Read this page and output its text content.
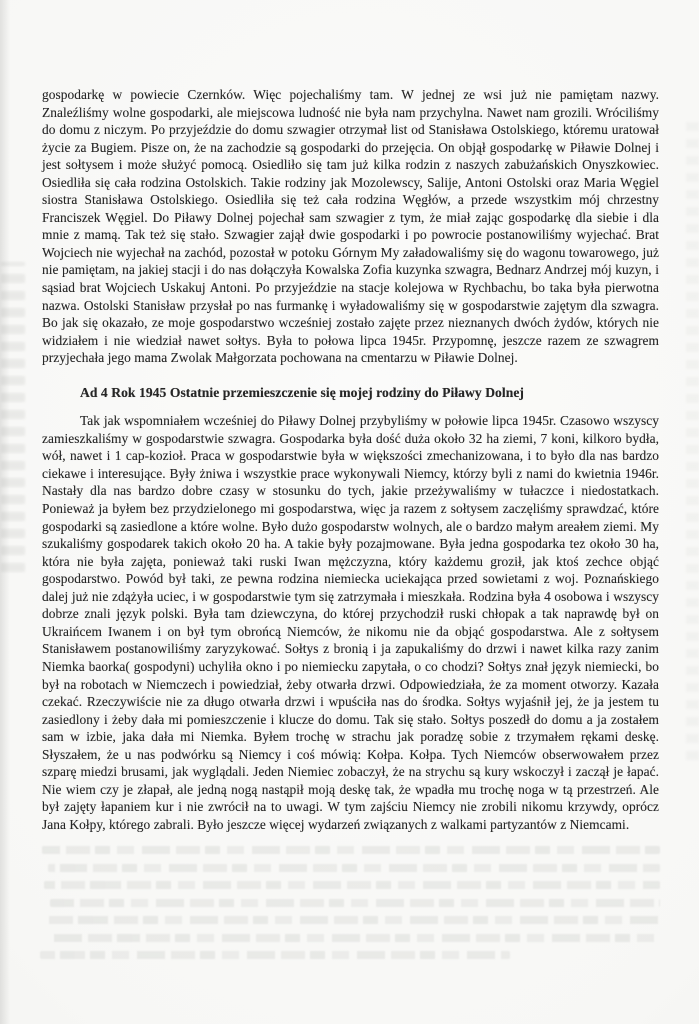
gospodarkę w powiecie Czernków. Więc pojechaliśmy tam. W jednej ze wsi już nie pamiętam nazwy. Znaleźliśmy wolne gospodarki, ale miejscowa ludność nie była nam przychylna. Nawet nam grozili. Wróciliśmy do domu z niczym. Po przyjeździe do domu szwagier otrzymał list od Stanisława Ostolskiego, któremu uratował życie za Bugiem. Pisze on, że na zachodzie są gospodarki do przejęcia. On objął gospodarkę w Piławie Dolnej i jest sołtysem i może służyć pomocą. Osiedliło się tam już kilka rodzin z naszych zabużańskich Onyszkowiec. Osiedliła się cała rodzina Ostolskich. Takie rodziny jak Mozolewscy, Salije, Antoni Ostolski oraz Maria Węgiel siostra Stanisława Ostolskiego. Osiedliła się też cała rodzina Węgłów, a przede wszystkim mój chrzestny Franciszek Węgiel. Do Piławy Dolnej pojechał sam szwagier z tym, że miał zając gospodarkę dla siebie i dla mnie z mamą. Tak też się stało. Szwagier zajął dwie gospodarki i po powrocie postanowiliśmy wyjechać. Brat Wojciech nie wyjechał na zachód, pozostał w potoku Górnym My załadowaliśmy się do wagonu towarowego, już nie pamiętam, na jakiej stacji i do nas dołączyła Kowalska Zofia kuzynka szwagra, Bednarz Andrzej mój kuzyn, i sąsiad brat Wojciech Uskakuj Antoni. Po przyjeździe na stacje kolejowa w Rychbachu, bo taka była pierwotna nazwa. Ostolski Stanisław przysłał po nas furmankę i wyładowaliśmy się w gospodarstwie zajętym dla szwagra. Bo jak się okazało, ze moje gospodarstwo wcześniej zostało zajęte przez nieznanych dwóch żydów, których nie widziałem i nie wiedział nawet sołtys. Była to połowa lipca 1945r. Przypomnę, jeszcze razem ze szwagrem przyjechała jego mama Zwolak Małgorzata pochowana na cmentarzu w Piławie Dolnej.

Ad 4 Rok 1945 Ostatnie przemieszczenie się mojej rodziny do Piławy Dolnej

Tak jak wspomniałem wcześniej do Piławy Dolnej przybyliśmy w połowie lipca 1945r. Czasowo wszyscy zamieszkaliśmy w gospodarstwie szwagra. Gospodarka była dość duża około 32 ha ziemi, 7 koni, kilkoro bydła, wół, nawet i 1 cap-kozioł. Praca w gospodarstwie była w większości zmechanizowana, i to było dla nas bardzo ciekawe i interesujące. Były żniwa i wszystkie prace wykonywali Niemcy, którzy byli z nami do kwietnia 1946r. Nastały dla nas bardzo dobre czasy w stosunku do tych, jakie przeżywaliśmy w tułaczce i niedostatkach. Ponieważ ja byłem bez przydzielonego mi gospodarstwa, więc ja razem z sołtysem zaczęliśmy sprawdzać, które gospodarki są zasiedlone a które wolne. Było dużo gospodarstw wolnych, ale o bardzo małym areałem ziemi. My szukaliśmy gospodarek takich około 20 ha. A takie były pozajmowane. Była jedna gospodarka tez około 30 ha, która nie była zajęta, ponieważ taki ruski Iwan mężczyzna, który każdemu groził, jak ktoś zechce objąć gospodarstwo. Powód był taki, ze pewna rodzina niemiecka uciekająca przed sowietami z woj. Poznańskiego dalej już nie zdążyła uciec, i w gospodarstwie tym się zatrzymała i mieszkała. Rodzina była 4 osobowa i wszyscy dobrze znali język polski. Była tam dziewczyna, do której przychodził ruski chłopak a tak naprawdę był on Ukraińcem Iwanem i on był tym obrońcą Niemców, że nikomu nie da objąć gospodarstwa. Ale z sołtysem Stanisławem postanowiliśmy zaryzykować. Sołtys z bronią i ja zapukaliśmy do drzwi i nawet kilka razy zanim Niemka baorka( gospodyni) uchyliła okno i po niemiecku zapytała, o co chodzi? Sołtys znał język niemiecki, bo był na robotach w Niemczech i powiedział, żeby otwarła drzwi. Odpowiedziała, że za moment otworzy. Kazała czekać. Rzeczywiście nie za długo otwarła drzwi i wpuściła nas do środka. Sołtys wyjaśnił jej, że ja jestem tu zasiedlony i żeby dała mi pomieszczenie i klucze do domu. Tak się stało. Sołtys poszedł do domu a ja zostałem sam w izbie, jaka dała mi Niemka. Byłem trochę w strachu jak poradzę sobie z trzymałem rękami deskę. Słyszałem, że u nas podwórku są Niemcy i coś mówią: Kołpa. Kołpa. Tych Niemców obserwowałem przez szparę miedzi brusami, jak wyglądali. Jeden Niemiec zobaczył, że na strychu są kury wskoczył i zaczął je łapać. Nie wiem czy je złapał, ale jedną nogą nastąpił moją deskę tak, że wpadła mu trochę noga w tą przestrzeń. Ale był zajęty łapaniem kur i nie zwrócił na to uwagi. W tym zajściu Niemcy nie zrobili nikomu krzywdy, oprócz Jana Kołpy, którego zabrali. Było jeszcze więcej wydarzeń związanych z walkami partyzantów z Niemcami.
